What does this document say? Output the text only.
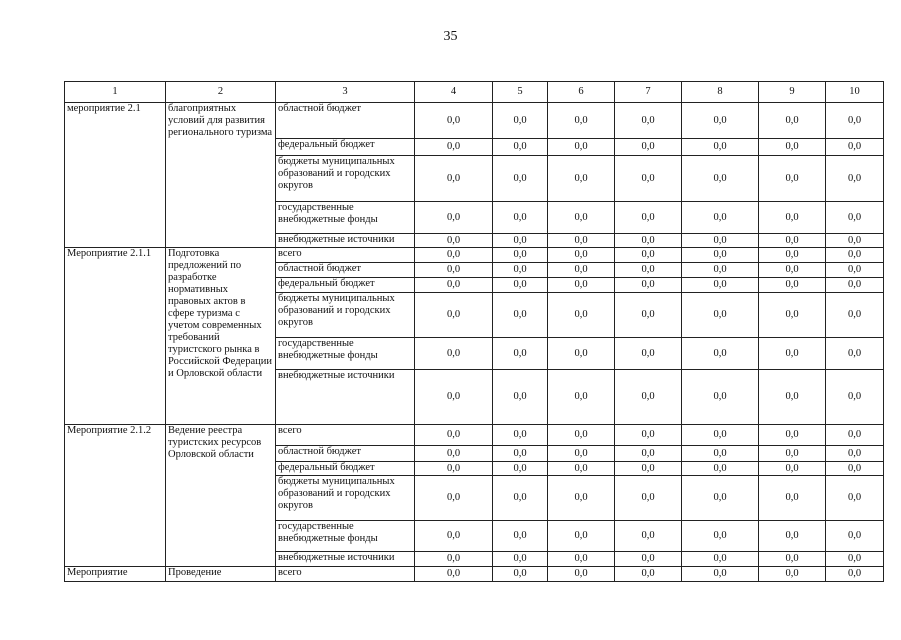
35
1	2	3	4	5	6	7	8	9	10
мероприятие 2.1	благоприятных условий для развития регионального туризма	областной бюджет	0,0	0,0	0,0	0,0	0,0	0,0	0,0
		федеральный бюджет	0,0	0,0	0,0	0,0	0,0	0,0	0,0
		бюджеты муниципальных образований и городских округов	0,0	0,0	0,0	0,0	0,0	0,0	0,0
		государственные внебюджетные фонды	0,0	0,0	0,0	0,0	0,0	0,0	0,0
		внебюджетные источники	0,0	0,0	0,0	0,0	0,0	0,0	0,0
Мероприятие 2.1.1	Подготовка предложений по разработке нормативных правовых актов в сфере туризма с учетом современных требований туристского рынка в Российской Федерации и Орловской области	всего	0,0	0,0	0,0	0,0	0,0	0,0	0,0
		областной бюджет	0,0	0,0	0,0	0,0	0,0	0,0	0,0
		федеральный бюджет	0,0	0,0	0,0	0,0	0,0	0,0	0,0
		бюджеты муниципальных образований и городских округов	0,0	0,0	0,0	0,0	0,0	0,0	0,0
		государственные внебюджетные фонды	0,0	0,0	0,0	0,0	0,0	0,0	0,0
		внебюджетные источники	0,0	0,0	0,0	0,0	0,0	0,0	0,0
Мероприятие 2.1.2	Ведение реестра туристских ресурсов Орловской области	всего	0,0	0,0	0,0	0,0	0,0	0,0	0,0
		областной бюджет	0,0	0,0	0,0	0,0	0,0	0,0	0,0
		федеральный бюджет	0,0	0,0	0,0	0,0	0,0	0,0	0,0
		бюджеты муниципальных образований и городских округов	0,0	0,0	0,0	0,0	0,0	0,0	0,0
		государственные внебюджетные фонды	0,0	0,0	0,0	0,0	0,0	0,0	0,0
		внебюджетные источники	0,0	0,0	0,0	0,0	0,0	0,0	0,0
Мероприятие	Проведение	всего	0,0	0,0	0,0	0,0	0,0	0,0	0,0
